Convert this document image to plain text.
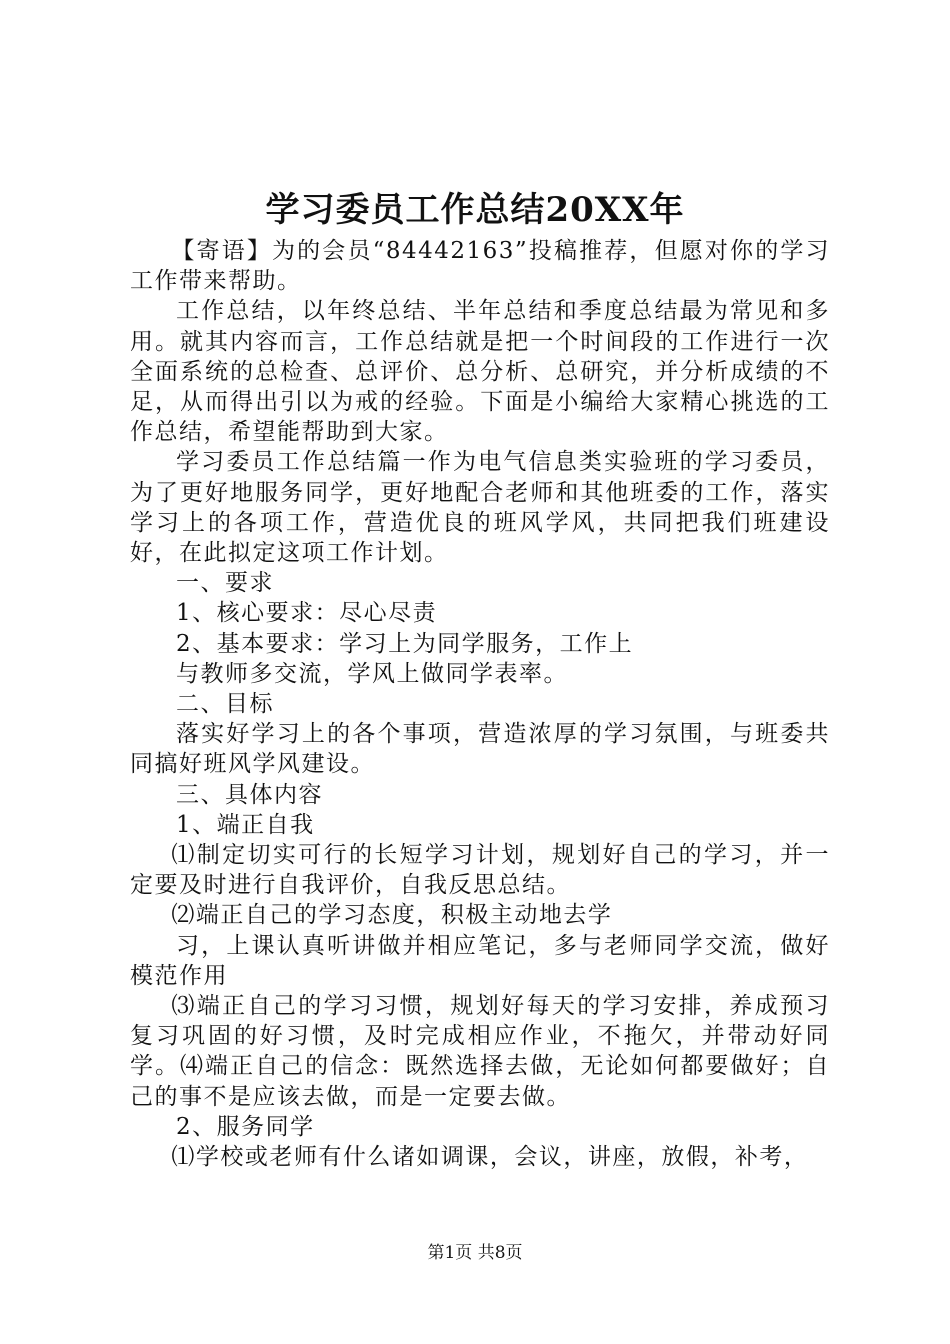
学习委员工作总结20XX年

【寄语】为的会员“84442163”投稿推荐，但愿对你的学习工作带来帮助。

工作总结，以年终总结、半年总结和季度总结最为常见和多用。就其内容而言，工作总结就是把一个时间段的工作进行一次全面系统的总检查、总评价、总分析、总研究，并分析成绩的不足，从而得出引以为戒的经验。下面是小编给大家精心挑选的工作总结，希望能帮助到大家。

学习委员工作总结篇一作为电气信息类实验班的学习委员，为了更好地服务同学，更好地配合老师和其他班委的工作，落实学习上的各项工作，营造优良的班风学风，共同把我们班建设好，在此拟定这项工作计划。

一、要求

1、核心要求：尽心尽责

2、基本要求：学习上为同学服务，工作上

与教师多交流，学风上做同学表率。

二、目标

落实好学习上的各个事项，营造浓厚的学习氛围，与班委共同搞好班风学风建设。

三、具体内容

1、端正自我

⑴制定切实可行的长短学习计划，规划好自己的学习，并一定要及时进行自我评价，自我反思总结。

⑵端正自己的学习态度，积极主动地去学

习，上课认真听讲做并相应笔记，多与老师同学交流，做好模范作用

⑶端正自己的学习习惯，规划好每天的学习安排，养成预习复习巩固的好习惯，及时完成相应作业，不拖欠，并带动好同学。⑷端正自己的信念：既然选择去做，无论如何都要做好；自己的事不是应该去做，而是一定要去做。

2、服务同学

⑴学校或老师有什么诸如调课，会议，讲座，放假，补考，

第1页 共8页
